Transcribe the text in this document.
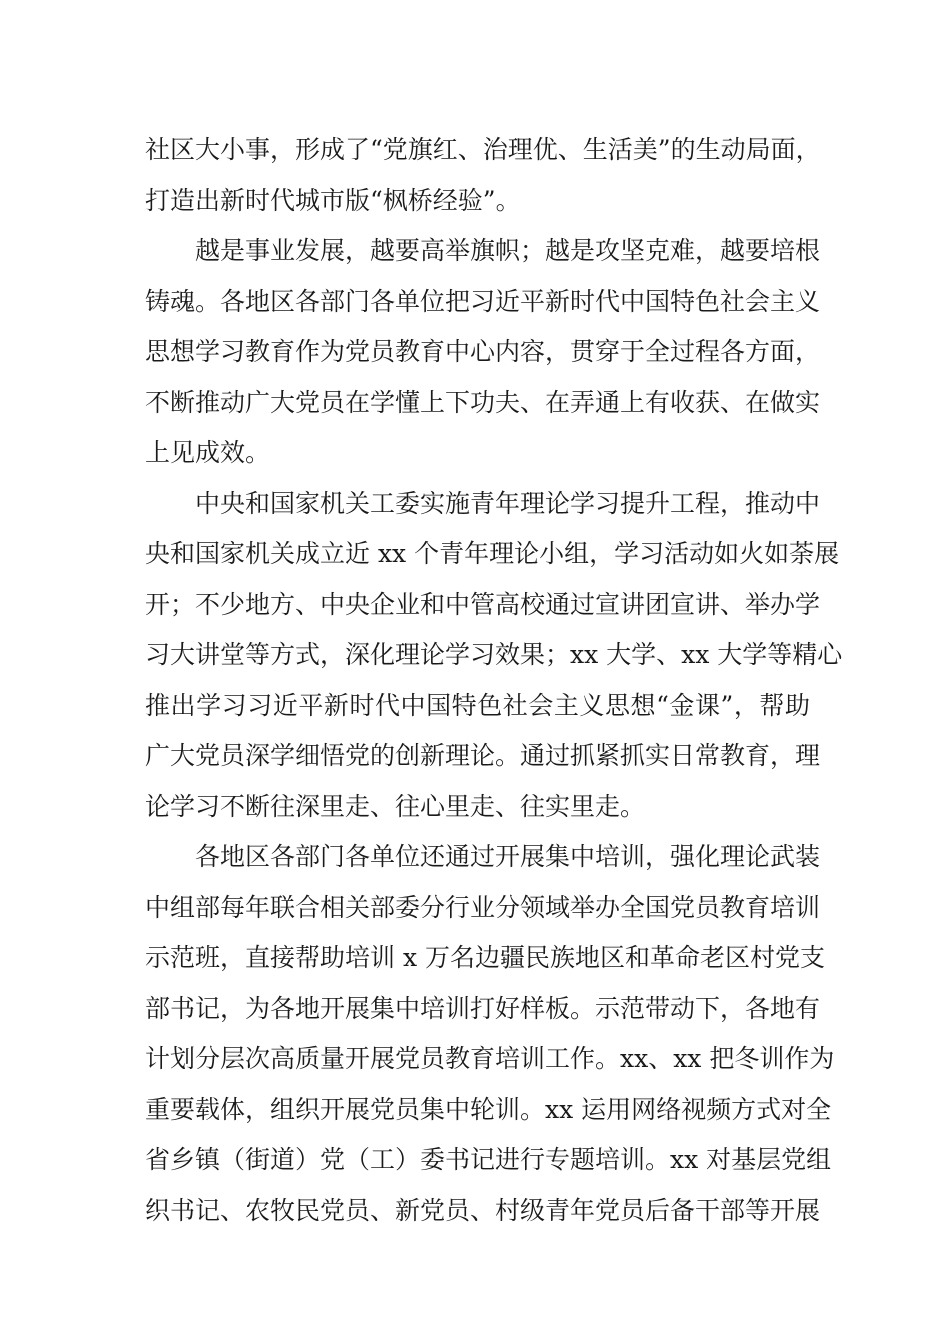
社区大小事，形成了“党旗红、治理优、生活美”的生动局面，
打造出新时代城市版“枫桥经验”。
越是事业发展，越要高举旗帜；越是攻坚克难，越要培根
铸魂。各地区各部门各单位把习近平新时代中国特色社会主义
思想学习教育作为党员教育中心内容，贯穿于全过程各方面，
不断推动广大党员在学懂上下功夫、在弄通上有收获、在做实
上见成效。
中央和国家机关工委实施青年理论学习提升工程，推动中
央和国家机关成立近 xx 个青年理论小组，学习活动如火如荼展
开；不少地方、中央企业和中管高校通过宣讲团宣讲、举办学
习大讲堂等方式，深化理论学习效果；xx 大学、xx 大学等精心
推出学习习近平新时代中国特色社会主义思想“金课”，帮助
广大党员深学细悟党的创新理论。通过抓紧抓实日常教育，理
论学习不断往深里走、往心里走、往实里走。
各地区各部门各单位还通过开展集中培训，强化理论武装
中组部每年联合相关部委分行业分领域举办全国党员教育培训
示范班，直接帮助培训 x 万名边疆民族地区和革命老区村党支
部书记，为各地开展集中培训打好样板。示范带动下，各地有
计划分层次高质量开展党员教育培训工作。xx、xx 把冬训作为
重要载体，组织开展党员集中轮训。xx 运用网络视频方式对全
省乡镇（街道）党（工）委书记进行专题培训。xx 对基层党组
织书记、农牧民党员、新党员、村级青年党员后备干部等开展
